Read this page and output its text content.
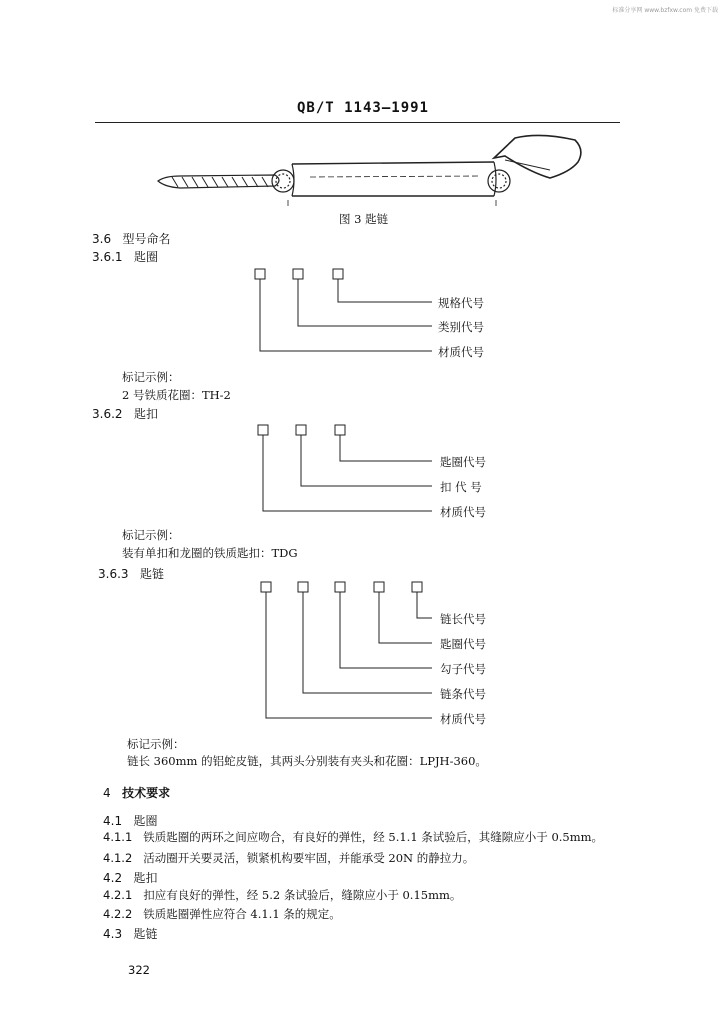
标准分享网 www.bzfxw.com 免费下载
QB/T 1143—1991
图 3 匙链
3.6 型号命名
3.6.1 匙圈
规格代号
类别代号
材质代号
标记示例：
2 号铁质花圈：TH-2
3.6.2 匙扣
匙圈代号
扣 代 号
材质代号
标记示例：
装有单扣和龙圈的铁质匙扣：TDG
3.6.3 匙链
链长代号
匙圈代号
勾子代号
链条代号
材质代号
标记示例：
链长 360mm 的铝蛇皮链，其两头分别装有夹头和花圈：LPJH-360。
4 技术要求
4.1 匙圈
4.1.1 铁质匙圈的两环之间应吻合，有良好的弹性，经 5.1.1 条试验后，其缝隙应小于 0.5mm。
4.1.2 活动圈开关要灵活，锁紧机构要牢固，并能承受 20N 的静拉力。
4.2 匙扣
4.2.1 扣应有良好的弹性，经 5.2 条试验后，缝隙应小于 0.15mm。
4.2.2 铁质匙圈弹性应符合 4.1.1 条的规定。
4.3 匙链
322
